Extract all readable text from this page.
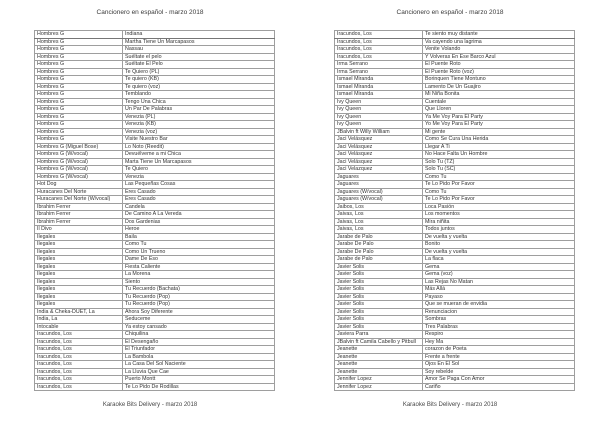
Cancionero en español - marzo 2018
Hombres G	Indiana
Hombres G	Martha Tiene Un Marcapasos
Hombres G	Nassau
Hombres G	Suéltate el pelo
Hombres G	Suéltate El Pelo
Hombres G	Te Quiero (PL)
Hombres G	Te quiero (KB)
Hombres G	Te quiero (voz)
Hombres G	Temblando
Hombres G	Tengo Una Chica
Hombres G	Un Par De Palabras
Hombres G	Venezia (PL)
Hombres G	Venezia (KB)
Hombres G	Venezia (voz)
Hombres G	Visite Nuestro Bar
Hombres G (Miguel Bose)	Lo Noto (Reedit)
Hombres G (W/vocal)	Devuélveme a mi Chica
Hombres G (W/vocal)	Marta Tiene Un Marcapasos
Hombres G (W/vocal)	Te Quiero
Hombres G (W/vocal)	Venezia
Hot Dog	Las Pequeñas Cosas
Huracanes Del Norte	Eres Casado
Huracanes Del Norte (W/vocal)	Eres Casado
Ibrahim Ferrer	Candela
Ibrahim Ferrer	De Camino A La Vereda
Ibrahim Ferrer	Dos Gardenias
Il Divo	Heroe
Ilegales	Baila
Ilegales	Como Tu
Ilegales	Como Un Trueno
Ilegales	Dame De Eso
Ilegales	Fiesta Caliente
Ilegales	La Morena
Ilegales	Siento
Ilegales	Tu Recuerdo (Bachata)
Ilegales	Tu Recuerdo (Pop)
Ilegales	Tu Recuerdo (Pop)
India & Cheka-DUET, La	Ahora Soy Diferente
India, La	Seduceme
Intocable	Ya estoy cansado
Iracundos, Los	Chiquilina
Iracundos, Los	El Desengaño
Iracundos, Los	El Triunfador
Iracundos, Los	La Bambola
Iracundos, Los	La Casa Del Sol Naciente
Iracundos, Los	La Lluvia Que Cae
Iracundos, Los	Puerto Montt
Iracundos, Los	Te Lo Pido De Rodillas
Karaoke Bits Delivery - marzo 2018
Cancionero en español - marzo 2018
Iracundos, Los	Te siento muy distante
Iracundos, Los	Va cayendo una lagrima
Iracundos, Los	Venite Volando
Iracundos, Los	Y Volveras En Ese Barco Azul
Irma Serrano	El Puente Roto
Irma Serrano	El Puente Roto (voz)
Ismael Miranda	Borinquen Tiene Montuno
Ismael Miranda	Lamento De Un Guajiro
Ismael Miranda	Mi Niña Bonita
Ivy Queen	Cuentale
Ivy Queen	Que Lloren
Ivy Queen	Ya Me Voy Para El Party
Ivy Queen	Yo Me Voy Para El Party
JBalvin ft Willy William	Mi gente
Jaci Velásquez	Como Se Cura Una Herida
Jaci Velásquez	Llegar A Ti
Jaci Velásquez	No Hace Falta Un Hombre
Jaci Velásquez	Solo Tu (TZ)
Jaci Velazquez	Solo Tu (SC)
Jaguares	Como Tu
Jaguares	Te Lo Pido Por Favor
Jaguares (W/vocal)	Como Tu
Jaguares (W/vocal)	Te Lo Pido Por Favor
Jaibos, Los	Loca Pasión
Jaivas, Los	Los momentos
Jaivas, Los	Mira niñita
Jaivas, Los	Todos juntos
Jarabe de Palo	De vuelta y vuelta
Jarabe De Palo	Bonito
Jarabe De Palo	De vuelta y vuelta
Jarabe de Palo	La flaca
Javier Solis	Gema
Javier Solis	Gema (voz)
Javier Solis	Las Rejas No Matan
Javier Solis	Más Allá
Javier Solis	Payaso
Javier Solis	Que se mueran de envidia
Javier Solis	Renunciacion
Javier Solis	Sombras
Javier Solis	Tres Palabras
Javiera Parra	Respiro
JBalvin ft Camila Cabello y Pitbull	Hey Ma
Jeanette	corazon de Poeta
Jeanette	Frente a frente
Jeanette	Ojos En El Sol
Jeanette	Soy rebelde
Jennifer Lopez	Amor Se Paga Con Amor
Jennifer Lopez	Cariño
Karaoke Bits Delivery - marzo 2018
